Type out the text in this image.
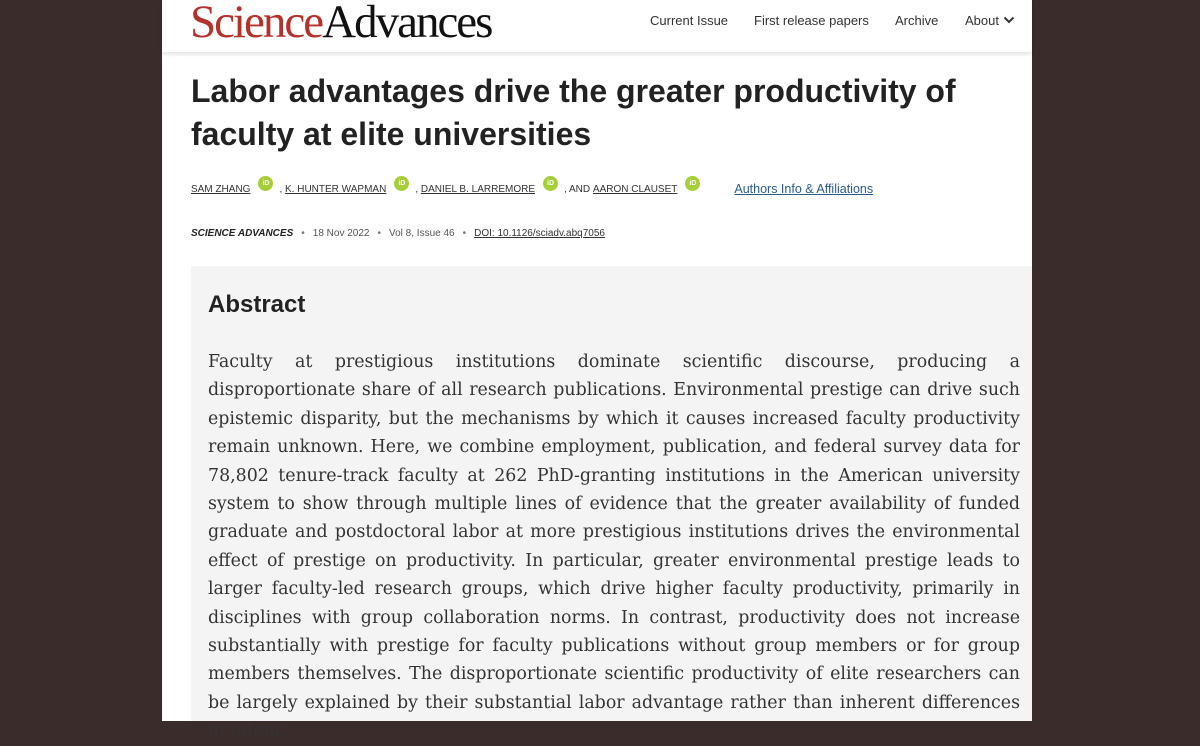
ScienceAdvances	Current Issue First release papers Archive About
Labor advantages drive the greater productivity of faculty at elite universities
SAM ZHANGiD, K. HUNTER WAPMANiD, DANIEL B. LARREMOREiD, AND AARON CLAUSETiD	Authors Info & Affiliations
SCIENCE ADVANCES • 18 Nov 2022 • Vol 8, Issue 46 • DOI: 10.1126/sciadv.abq7056
Abstract

Faculty at prestigious institutions dominate scientific discourse, producing a disproportionate share of all research publications. Environmental prestige can drive such epistemic disparity, but the mechanisms by which it causes increased faculty productivity remain unknown. Here, we combine employment, publication, and federal survey data for 78,802 tenure-track faculty at 262 PhD-granting institutions in the American university system to show through multiple lines of evidence that the greater availability of funded graduate and postdoctoral labor at more prestigious institutions drives the environmental effect of prestige on productivity. In particular, greater environmental prestige leads to larger faculty-led research groups, which drive higher faculty productivity, primarily in disciplines with group collaboration norms. In contrast, productivity does not increase substantially with prestige for faculty publications without group members or for group members themselves. The disproportionate scientific productivity of elite researchers can be largely explained by their substantial labor advantage rather than inherent differences in talent.
